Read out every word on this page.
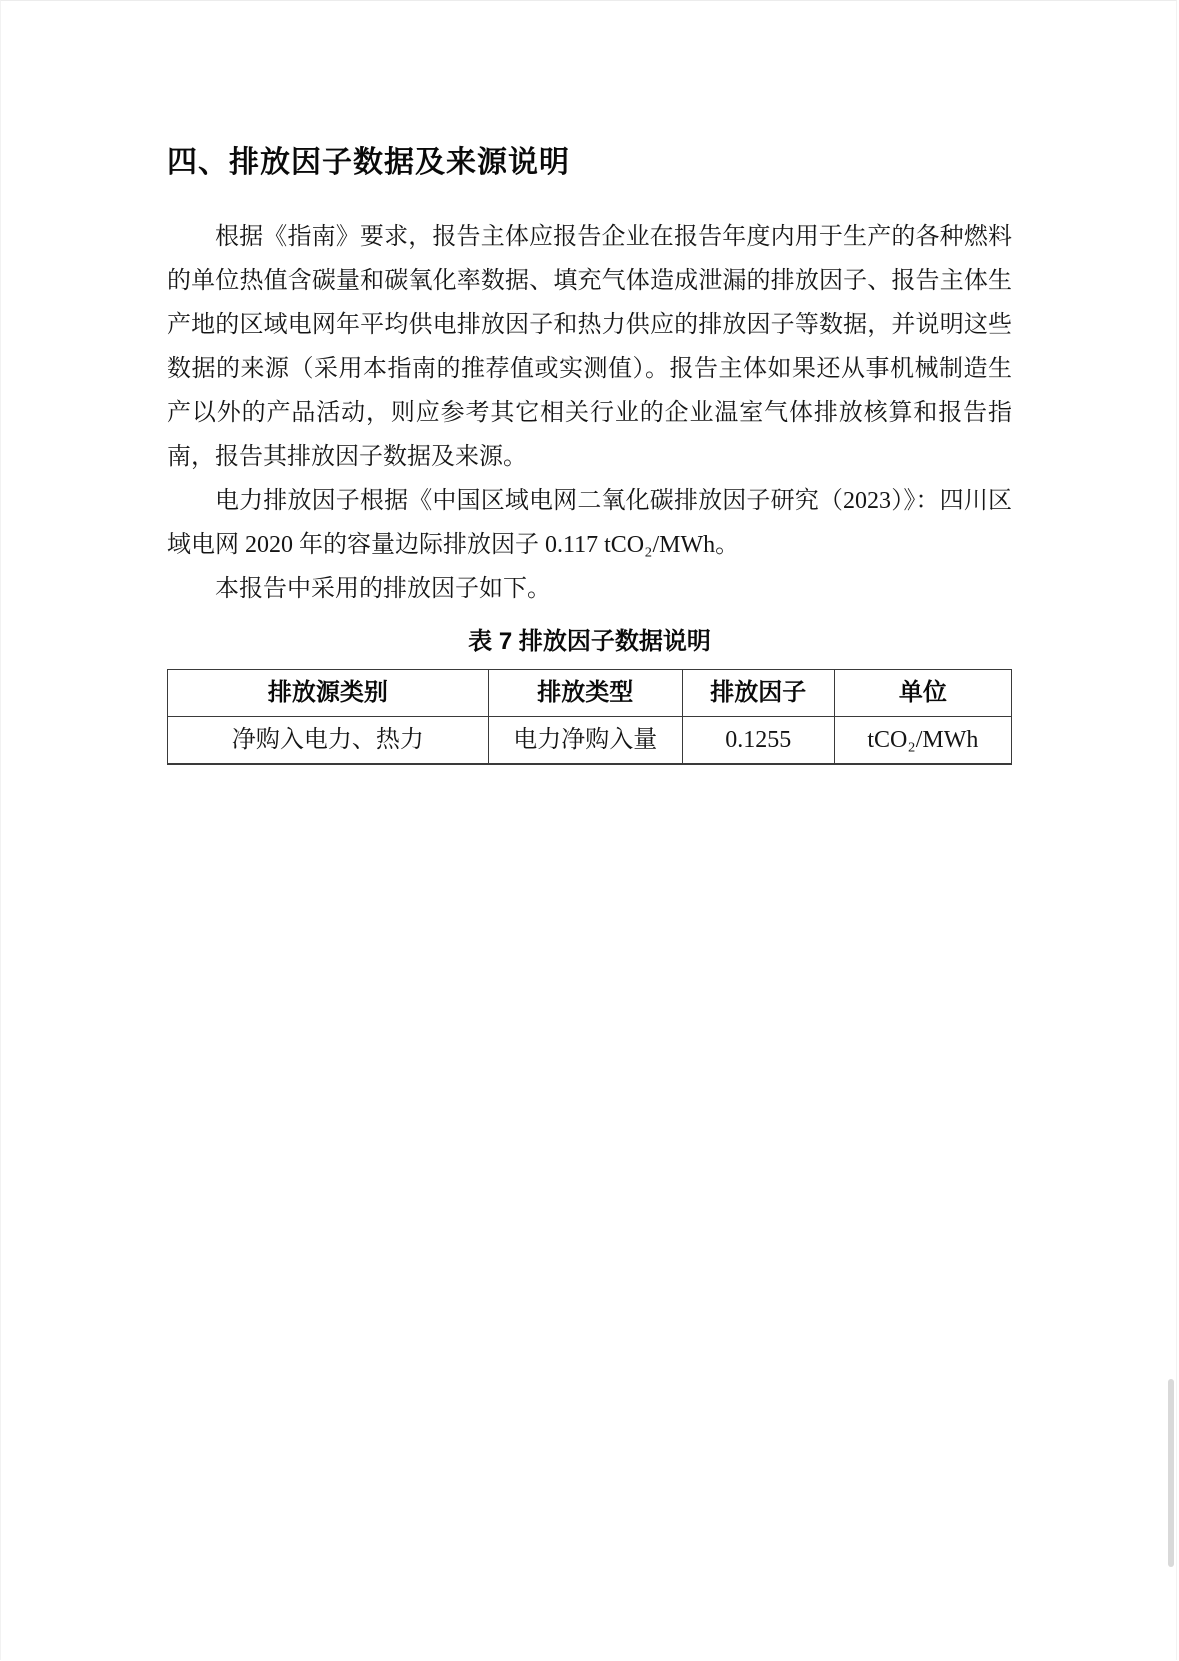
四、排放因子数据及来源说明

根据《指南》要求，报告主体应报告企业在报告年度内用于生产的各种燃料的单位热值含碳量和碳氧化率数据、填充气体造成泄漏的排放因子、报告主体生产地的区域电网年平均供电排放因子和热力供应的排放因子等数据，并说明这些数据的来源（采用本指南的推荐值或实测值）。报告主体如果还从事机械制造生产以外的产品活动，则应参考其它相关行业的企业温室气体排放核算和报告指南，报告其排放因子数据及来源。

电力排放因子根据《中国区域电网二氧化碳排放因子研究（2023）》：四川区域电网 2020 年的容量边际排放因子 0.117 tCO₂/MWh。

本报告中采用的排放因子如下。

表 7 排放因子数据说明
排放源类别	排放类型	排放因子	单位
净购入电力、热力	电力净购入量	0.1255	tCO₂/MWh
